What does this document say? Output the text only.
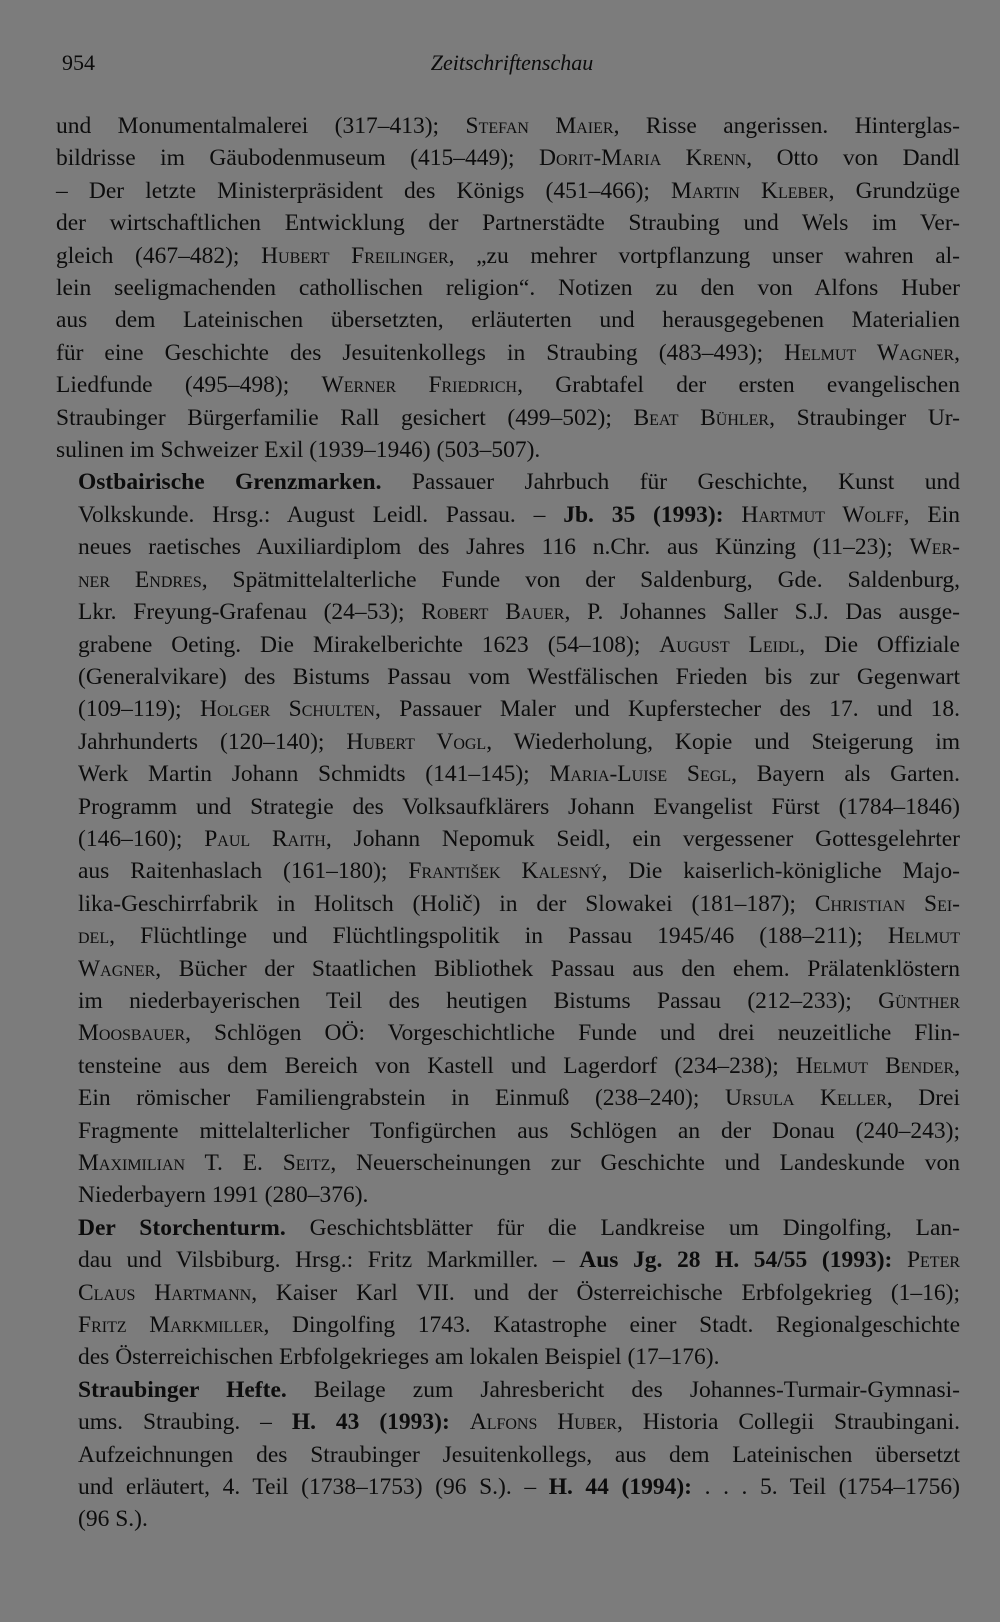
954	Zeitschriftenschau

und Monumentalmalerei (317–413); Stefan Maier, Risse angerissen. Hinterglas-
bildrisse im Gäubodenmuseum (415–449); Dorit-Maria Krenn, Otto von Dandl
– Der letzte Ministerpräsident des Königs (451–466); Martin Kleber, Grundzüge
der wirtschaftlichen Entwicklung der Partnerstädte Straubing und Wels im Ver-
gleich (467–482); Hubert Freilinger, „zu mehrer vortpflanzung unser wahren al-
lein seeligmachenden cathollischen religion“. Notizen zu den von Alfons Huber
aus dem Lateinischen übersetzten, erläuterten und herausgegebenen Materialien
für eine Geschichte des Jesuitenkollegs in Straubing (483–493); Helmut Wagner,
Liedfunde (495–498); Werner Friedrich, Grabtafel der ersten evangelischen
Straubinger Bürgerfamilie Rall gesichert (499–502); Beat Bühler, Straubinger Ur-
sulinen im Schweizer Exil (1939–1946) (503–507).

Ostbairische Grenzmarken. Passauer Jahrbuch für Geschichte, Kunst und
Volkskunde. Hrsg.: August Leidl. Passau. – Jb. 35 (1993): Hartmut Wolff, Ein
neues raetisches Auxiliardiplom des Jahres 116 n.Chr. aus Künzing (11–23); Wer-
ner Endres, Spätmittelalterliche Funde von der Saldenburg, Gde. Saldenburg,
Lkr. Freyung-Grafenau (24–53); Robert Bauer, P. Johannes Saller S.J. Das ausge-
grabene Oeting. Die Mirakelberichte 1623 (54–108); August Leidl, Die Offiziale
(Generalvikare) des Bistums Passau vom Westfälischen Frieden bis zur Gegenwart
(109–119); Holger Schulten, Passauer Maler und Kupferstecher des 17. und 18.
Jahrhunderts (120–140); Hubert Vogl, Wiederholung, Kopie und Steigerung im
Werk Martin Johann Schmidts (141–145); Maria-Luise Segl, Bayern als Garten.
Programm und Strategie des Volksaufklärers Johann Evangelist Fürst (1784–1846)
(146–160); Paul Raith, Johann Nepomuk Seidl, ein vergessener Gottesgelehrter
aus Raitenhaslach (161–180); František Kalesný, Die kaiserlich-königliche Majo-
lika-Geschirrfabrik in Holitsch (Holič) in der Slowakei (181–187); Christian Sei-
del, Flüchtlinge und Flüchtlingspolitik in Passau 1945/46 (188–211); Helmut
Wagner, Bücher der Staatlichen Bibliothek Passau aus den ehem. Prälatenklöstern
im niederbayerischen Teil des heutigen Bistums Passau (212–233); Günther
Moosbauer, Schlögen OÖ: Vorgeschichtliche Funde und drei neuzeitliche Flin-
tensteine aus dem Bereich von Kastell und Lagerdorf (234–238); Helmut Bender,
Ein römischer Familiengrabstein in Einmuß (238–240); Ursula Keller, Drei
Fragmente mittelalterlicher Tonfigürchen aus Schlögen an der Donau (240–243);
Maximilian T. E. Seitz, Neuerscheinungen zur Geschichte und Landeskunde von
Niederbayern 1991 (280–376).

Der Storchenturm. Geschichtsblätter für die Landkreise um Dingolfing, Lan-
dau und Vilsbiburg. Hrsg.: Fritz Markmiller. – Aus Jg. 28 H. 54/55 (1993): Peter
Claus Hartmann, Kaiser Karl VII. und der Österreichische Erbfolgekrieg (1–16);
Fritz Markmiller, Dingolfing 1743. Katastrophe einer Stadt. Regionalgeschichte
des Österreichischen Erbfolgekrieges am lokalen Beispiel (17–176).

Straubinger Hefte. Beilage zum Jahresbericht des Johannes-Turmair-Gymnasi-
ums. Straubing. – H. 43 (1993): Alfons Huber, Historia Collegii Straubingani.
Aufzeichnungen des Straubinger Jesuitenkollegs, aus dem Lateinischen übersetzt
und erläutert, 4. Teil (1738–1753) (96 S.). – H. 44 (1994): . . . 5. Teil (1754–1756)
(96 S.).
